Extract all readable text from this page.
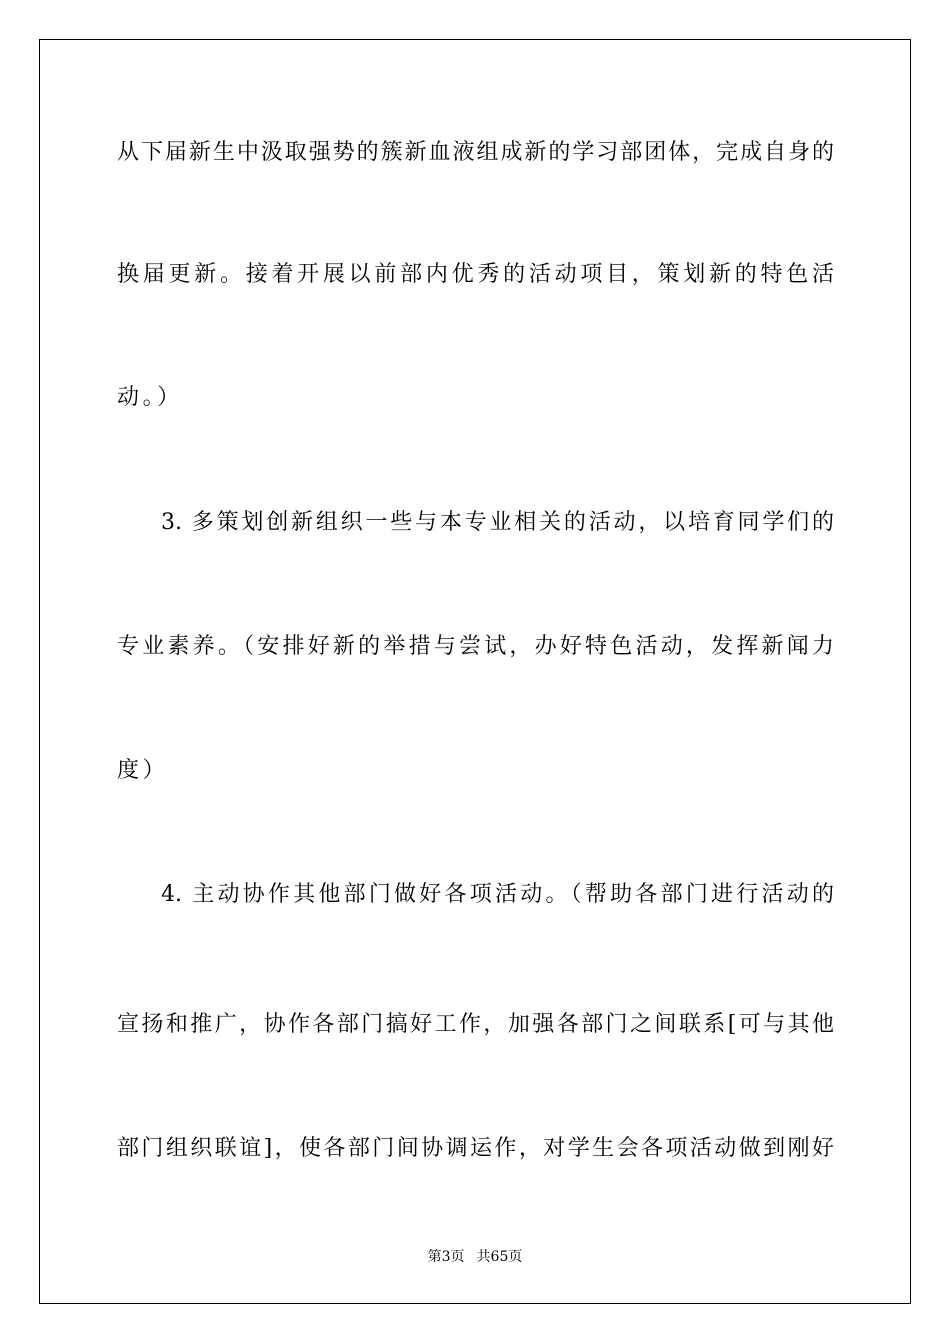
从下届新生中汲取强势的簇新血液组成新的学习部团体，完成自身的
换届更新。接着开展以前部内优秀的活动项目，策划新的特色活
动。）
3. 多策划创新组织一些与本专业相关的活动，以培育同学们的
专业素养。（安排好新的举措与尝试，办好特色活动，发挥新闻力
度）
4. 主动协作其他部门做好各项活动。（帮助各部门进行活动的
宣扬和推广，协作各部门搞好工作，加强各部门之间联系[可与其他
部门组织联谊]，使各部门间协调运作，对学生会各项活动做到刚好
第3页 共65页
